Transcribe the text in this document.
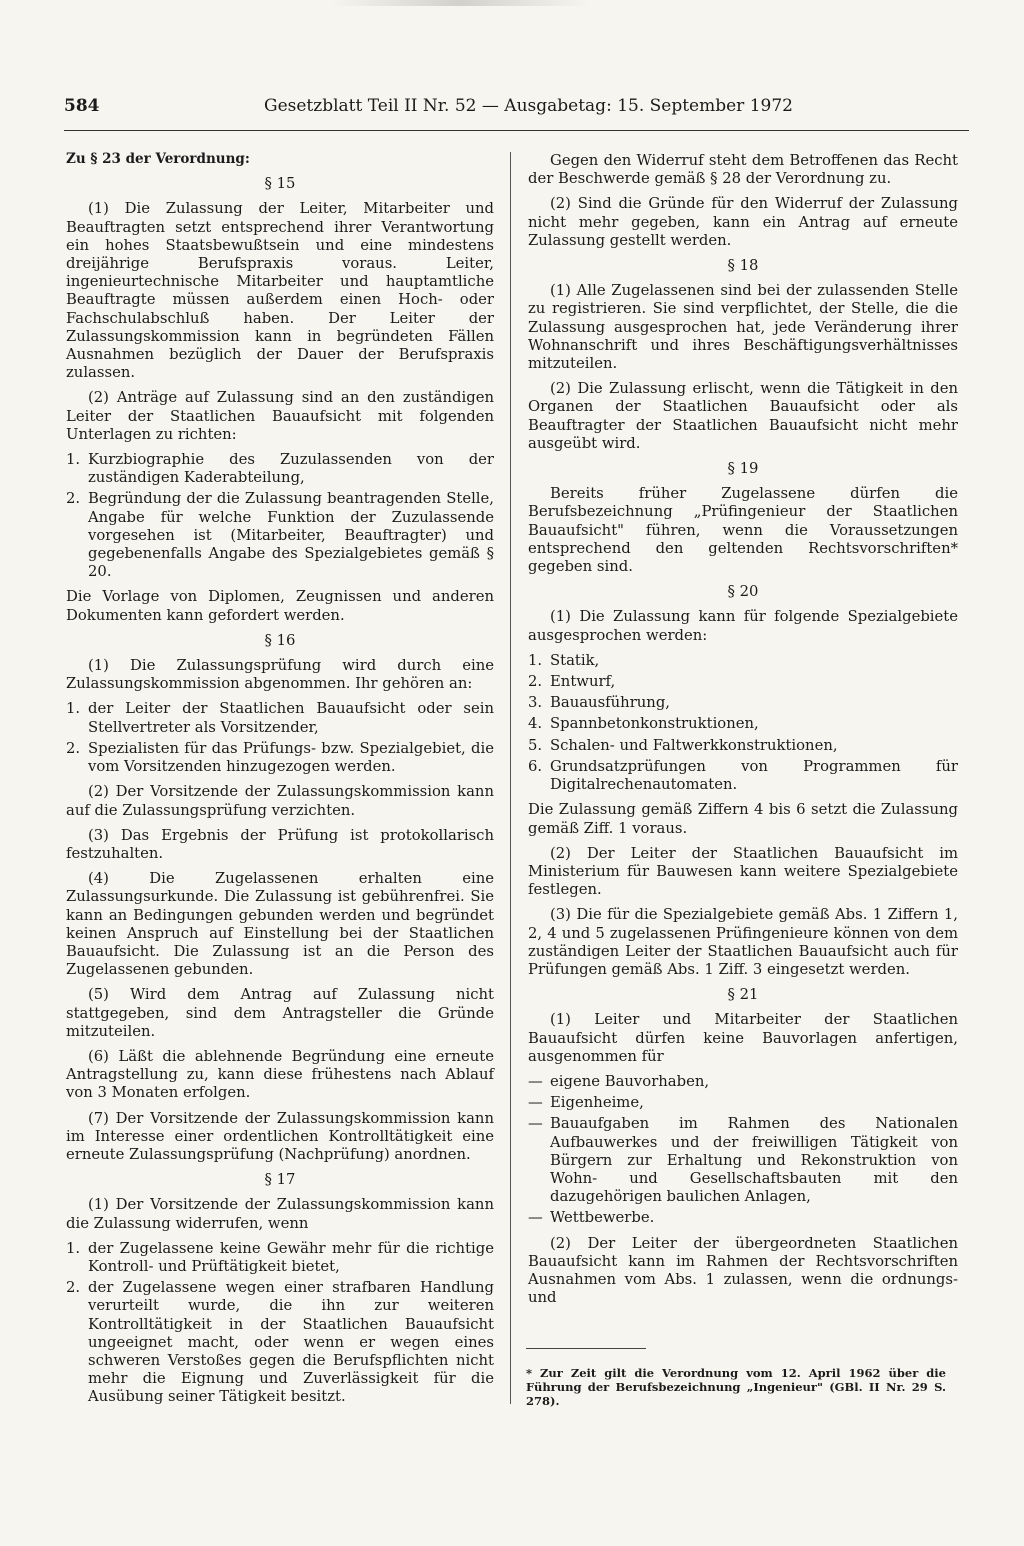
584	Gesetzblatt Teil II Nr. 52 — Ausgabetag: 15. September 1972

Zu § 23 der Verordnung:

§ 15

(1) Die Zulassung der Leiter, Mitarbeiter und Beauftragten setzt entsprechend ihrer Verantwortung ein hohes Staatsbewußtsein und eine mindestens dreijährige Berufspraxis voraus. Leiter, ingenieurtechnische Mitarbeiter und hauptamtliche Beauftragte müssen außerdem einen Hoch- oder Fachschulabschluß haben. Der Leiter der Zulassungskommission kann in begründeten Fällen Ausnahmen bezüglich der Dauer der Berufspraxis zulassen.

(2) Anträge auf Zulassung sind an den zuständigen Leiter der Staatlichen Bauaufsicht mit folgenden Unterlagen zu richten:

1. Kurzbiographie des Zuzulassenden von der zuständigen Kaderabteilung,
2. Begründung der die Zulassung beantragenden Stelle, Angabe für welche Funktion der Zuzulassende vorgesehen ist (Mitarbeiter, Beauftragter) und gegebenenfalls Angabe des Spezialgebietes gemäß § 20.

Die Vorlage von Diplomen, Zeugnissen und anderen Dokumenten kann gefordert werden.

§ 16

(1) Die Zulassungsprüfung wird durch eine Zulassungskommission abgenommen. Ihr gehören an:

1. der Leiter der Staatlichen Bauaufsicht oder sein Stellvertreter als Vorsitzender,
2. Spezialisten für das Prüfungs- bzw. Spezialgebiet, die vom Vorsitzenden hinzugezogen werden.

(2) Der Vorsitzende der Zulassungskommission kann auf die Zulassungsprüfung verzichten.

(3) Das Ergebnis der Prüfung ist protokollarisch festzuhalten.

(4) Die Zugelassenen erhalten eine Zulassungsurkunde. Die Zulassung ist gebührenfrei. Sie kann an Bedingungen gebunden werden und begründet keinen Anspruch auf Einstellung bei der Staatlichen Bauaufsicht. Die Zulassung ist an die Person des Zugelassenen gebunden.

(5) Wird dem Antrag auf Zulassung nicht stattgegeben, sind dem Antragsteller die Gründe mitzuteilen.

(6) Läßt die ablehnende Begründung eine erneute Antragstellung zu, kann diese frühestens nach Ablauf von 3 Monaten erfolgen.

(7) Der Vorsitzende der Zulassungskommission kann im Interesse einer ordentlichen Kontrolltätigkeit eine erneute Zulassungsprüfung (Nachprüfung) anordnen.

§ 17

(1) Der Vorsitzende der Zulassungskommission kann die Zulassung widerrufen, wenn

1. der Zugelassene keine Gewähr mehr für die richtige Kontroll- und Prüftätigkeit bietet,
2. der Zugelassene wegen einer strafbaren Handlung verurteilt wurde, die ihn zur weiteren Kontrolltätigkeit in der Staatlichen Bauaufsicht ungeeignet macht, oder wenn er wegen eines schweren Verstoßes gegen die Berufspflichten nicht mehr die Eignung und Zuverlässigkeit für die Ausübung seiner Tätigkeit besitzt.

Gegen den Widerruf steht dem Betroffenen das Recht der Beschwerde gemäß § 28 der Verordnung zu.

(2) Sind die Gründe für den Widerruf der Zulassung nicht mehr gegeben, kann ein Antrag auf erneute Zulassung gestellt werden.

§ 18

(1) Alle Zugelassenen sind bei der zulassenden Stelle zu registrieren. Sie sind verpflichtet, der Stelle, die die Zulassung ausgesprochen hat, jede Veränderung ihrer Wohnanschrift und ihres Beschäftigungsverhältnisses mitzuteilen.

(2) Die Zulassung erlischt, wenn die Tätigkeit in den Organen der Staatlichen Bauaufsicht oder als Beauftragter der Staatlichen Bauaufsicht nicht mehr ausgeübt wird.

§ 19

Bereits früher Zugelassene dürfen die Berufsbezeichnung „Prüfingenieur der Staatlichen Bauaufsicht" führen, wenn die Voraussetzungen entsprechend den geltenden Rechtsvorschriften* gegeben sind.

§ 20

(1) Die Zulassung kann für folgende Spezialgebiete ausgesprochen werden:

1. Statik,
2. Entwurf,
3. Bauausführung,
4. Spannbetonkonstruktionen,
5. Schalen- und Faltwerkkonstruktionen,
6. Grundsatzprüfungen von Programmen für Digitalrechenautomaten.

Die Zulassung gemäß Ziffern 4 bis 6 setzt die Zulassung gemäß Ziff. 1 voraus.

(2) Der Leiter der Staatlichen Bauaufsicht im Ministerium für Bauwesen kann weitere Spezialgebiete festlegen.

(3) Die für die Spezialgebiete gemäß Abs. 1 Ziffern 1, 2, 4 und 5 zugelassenen Prüfingenieure können von dem zuständigen Leiter der Staatlichen Bauaufsicht auch für Prüfungen gemäß Abs. 1 Ziff. 3 eingesetzt werden.

§ 21

(1) Leiter und Mitarbeiter der Staatlichen Bauaufsicht dürfen keine Bauvorlagen anfertigen, ausgenommen für

— eigene Bauvorhaben,
— Eigenheime,
— Bauaufgaben im Rahmen des Nationalen Aufbauwerkes und der freiwilligen Tätigkeit von Bürgern zur Erhaltung und Rekonstruktion von Wohn- und Gesellschaftsbauten mit den dazugehörigen baulichen Anlagen,
— Wettbewerbe.

(2) Der Leiter der übergeordneten Staatlichen Bauaufsicht kann im Rahmen der Rechtsvorschriften Ausnahmen vom Abs. 1 zulassen, wenn die ordnungs- und

* Zur Zeit gilt die Verordnung vom 12. April 1962 über die Führung der Berufsbezeichnung „Ingenieur" (GBl. II Nr. 29 S. 278).
